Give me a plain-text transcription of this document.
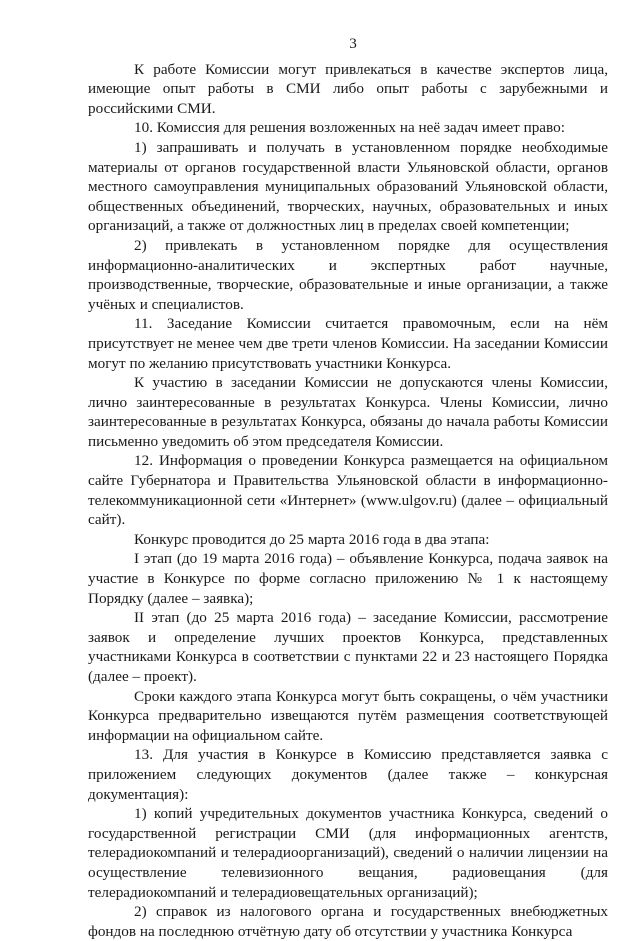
3

К работе Комиссии могут привлекаться в качестве экспертов лица, имеющие опыт работы в СМИ либо опыт работы с зарубежными и российскими СМИ.

10. Комиссия для решения возложенных на неё задач имеет право:

1) запрашивать и получать в установленном порядке необходимые материалы от органов государственной власти Ульяновской области, органов местного самоуправления муниципальных образований Ульяновской области, общественных объединений, творческих, научных, образовательных и иных организаций, а также от должностных лиц в пределах своей компетенции;

2) привлекать в установленном порядке для осуществления информационно-аналитических и экспертных работ научные, производственные, творческие, образовательные и иные организации, а также учёных и специалистов.

11. Заседание Комиссии считается правомочным, если на нём присутствует не менее чем две трети членов Комиссии. На заседании Комиссии могут по желанию присутствовать участники Конкурса.

К участию в заседании Комиссии не допускаются члены Комиссии, лично заинтересованные в результатах Конкурса. Члены Комиссии, лично заинтересованные в результатах Конкурса, обязаны до начала работы Комиссии письменно уведомить об этом председателя Комиссии.

12. Информация о проведении Конкурса размещается на официальном сайте Губернатора и Правительства Ульяновской области в информационно-телекоммуникационной сети «Интернет» (www.ulgov.ru) (далее – официальный сайт).

Конкурс проводится до 25 марта 2016 года в два этапа:

I этап (до 19 марта 2016 года) – объявление Конкурса, подача заявок на участие в Конкурсе по форме согласно приложению № 1 к настоящему Порядку (далее – заявка);

II этап (до 25 марта 2016 года) – заседание Комиссии, рассмотрение заявок и определение лучших проектов Конкурса, представленных участниками Конкурса в соответствии с пунктами 22 и 23 настоящего Порядка (далее – проект).

Сроки каждого этапа Конкурса могут быть сокращены, о чём участники Конкурса предварительно извещаются путём размещения соответствующей информации на официальном сайте.

13. Для участия в Конкурсе в Комиссию представляется заявка с приложением следующих документов (далее также – конкурсная документация):

1) копий учредительных документов участника Конкурса, сведений о государственной регистрации СМИ (для информационных агентств, телерадиокомпаний и телерадиоорганизаций), сведений о наличии лицензии на осуществление телевизионного вещания, радиовещания (для телерадиокомпаний и телерадиовещательных организаций);

2) справок из налогового органа и государственных внебюджетных фондов на последнюю отчётную дату об отсутствии у участника Конкурса
